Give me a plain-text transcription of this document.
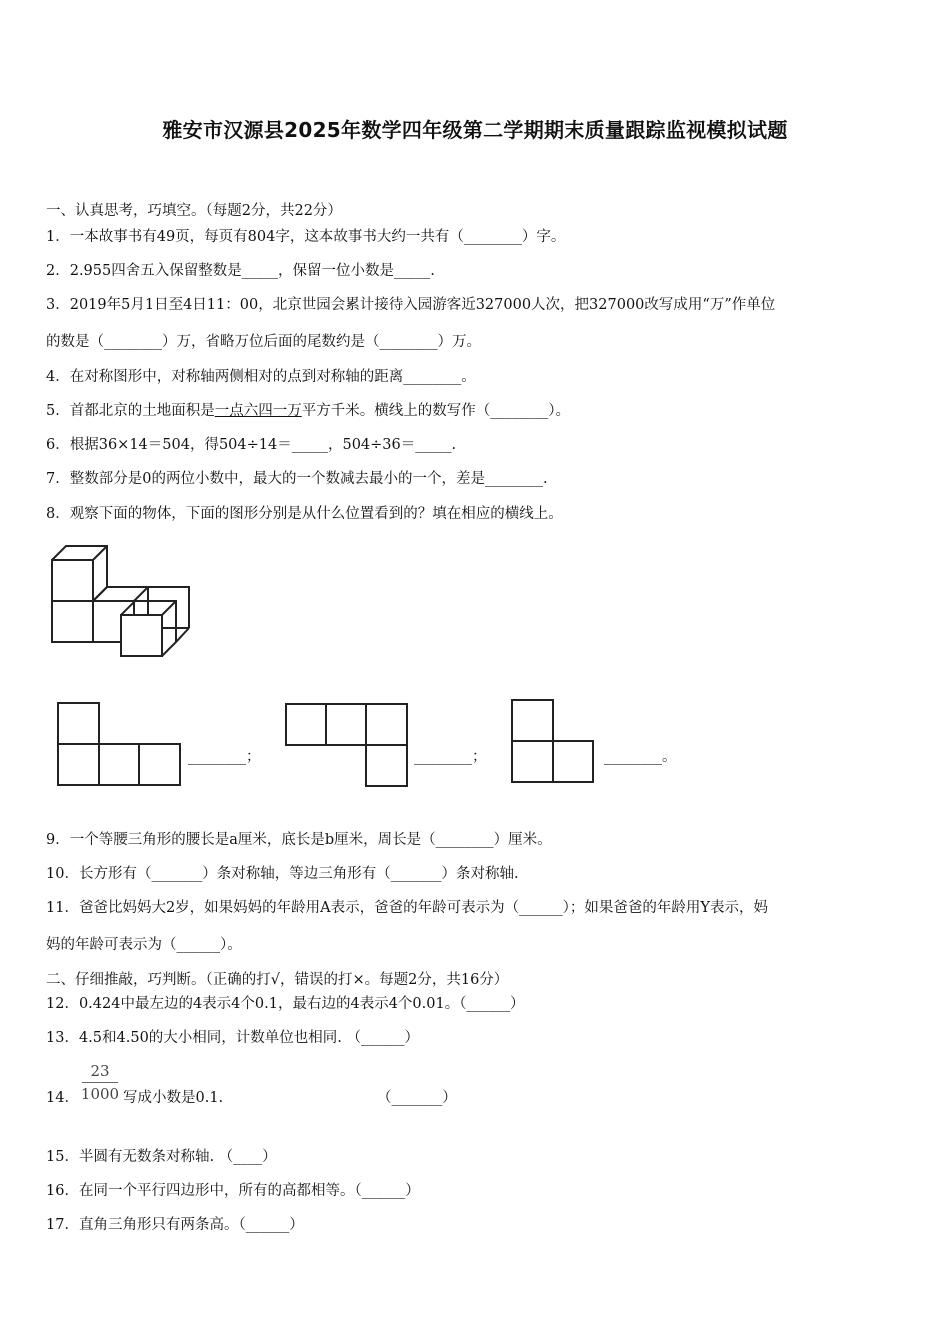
雅安市汉源县2025年数学四年级第二学期期末质量跟踪监视模拟试题
一、认真思考，巧填空。（每题2分，共22分）
1．一本故事书有49页，每页有804字，这本故事书大约一共有（________）字。
2．2.955四舍五入保留整数是_____，保留一位小数是_____.
3．2019年5月1日至4日11：00，北京世园会累计接待入园游客近327000人次，把327000改写成用“万”作单位
的数是（________）万，省略万位后面的尾数约是（________）万。
4．在对称图形中，对称轴两侧相对的点到对称轴的距离________。
5．首都北京的土地面积是一点六四一万平方千米。横线上的数写作（________）。
6．根据36×14＝504，得504÷14＝_____，504÷36＝_____.
7．整数部分是0的两位小数中，最大的一个数减去最小的一个，差是________.
8．观察下面的物体，下面的图形分别是从什么位置看到的？填在相应的横线上。
________；	________；	________。
9．一个等腰三角形的腰长是a厘米，底长是b厘米，周长是（________）厘米。
10．长方形有（_______）条对称轴，等边三角形有（_______）条对称轴.
11．爸爸比妈妈大2岁，如果妈妈的年龄用A表示，爸爸的年龄可表示为（______）；如果爸爸的年龄用Y表示，妈
妈的年龄可表示为（______）。
二、仔细推敲，巧判断。（正确的打√，错误的打×。每题2分，共16分）
12．0.424中最左边的4表示4个0.1，最右边的4表示4个0.01。（______）
13．4.5和4.50的大小相同，计数单位也相同. （______）
14．
23
1000 写成小数是0.1.	（_______）
15．半圆有无数条对称轴. （____）
16．在同一个平行四边形中，所有的高都相等。（______）
17．直角三角形只有两条高。（______）
